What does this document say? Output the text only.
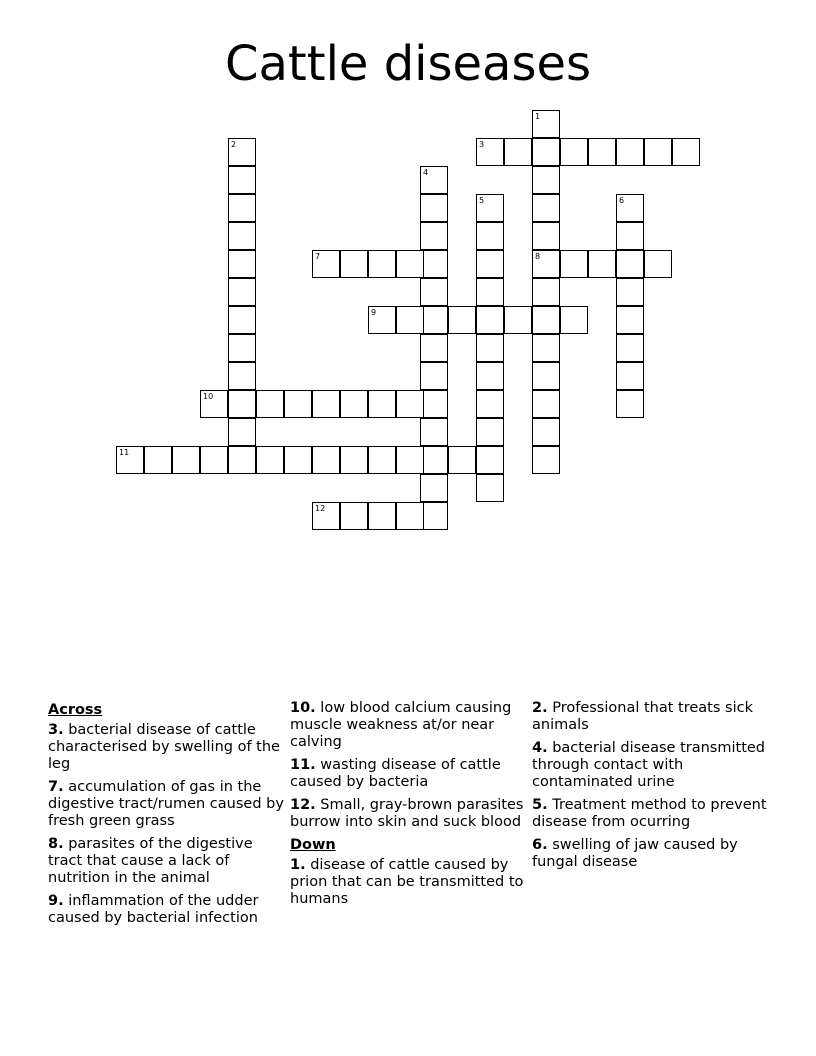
Cattle diseases
1
2	3
8
4
5	6
7
9
10
11
12
Across
3. bacterial disease of cattle characterised by swelling of the leg
7. accumulation of gas in the digestive tract/rumen caused by fresh green grass
8. parasites of the digestive tract that cause a lack of nutrition in the animal
9. inflammation of the udder caused by bacterial infection
10. low blood calcium causing muscle weakness at/or near calving
11. wasting disease of cattle caused by bacteria
12. Small, gray-brown parasites burrow into skin and suck blood
Down
1. disease of cattle caused by prion that can be transmitted to humans
2. Professional that treats sick animals
4. bacterial disease transmitted through contact with contaminated urine
5. Treatment method to prevent disease from ocurring
6. swelling of jaw caused by fungal disease
